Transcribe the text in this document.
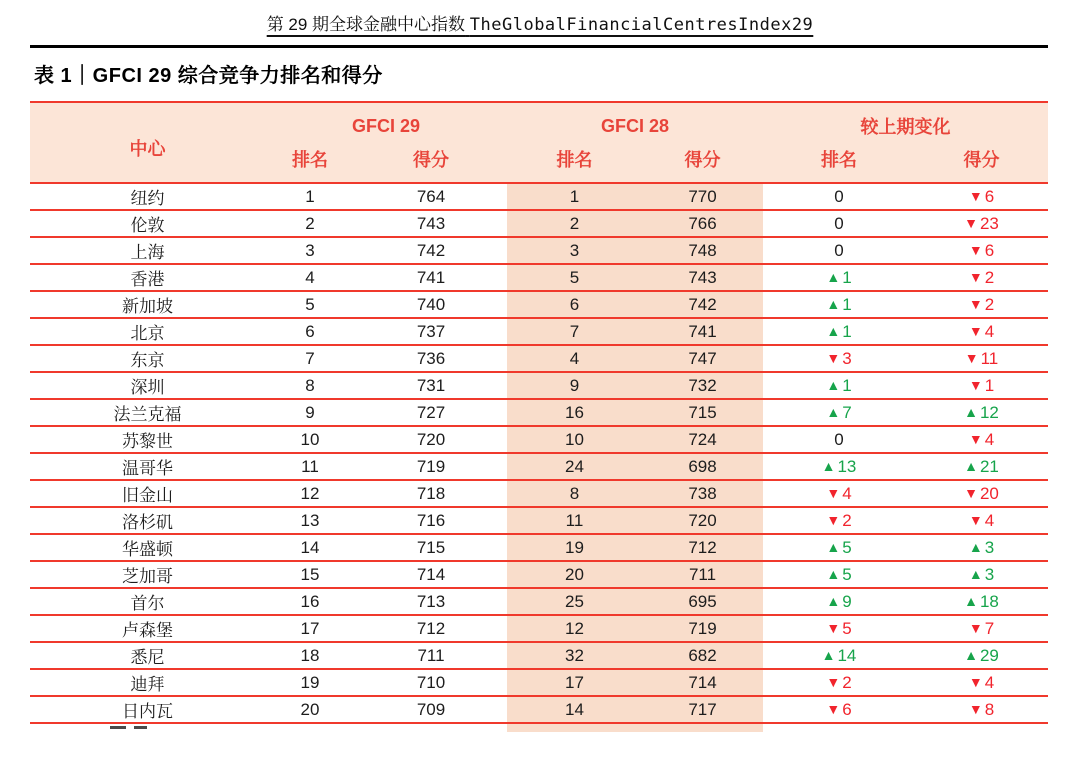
第 29 期全球金融中心指数 TheGlobalFinancialCentresIndex29
表 1｜GFCI 29 综合竞争力排名和得分
中心	GFCI 29		GFCI 28		较上期变化	
	排名	得分	排名	得分	排名	得分
纽约	1	764	1	770	0	▼ 6
伦敦	2	743	2	766	0	▼ 23
上海	3	742	3	748	0	▼ 6
香港	4	741	5	743	▲ 1	▼ 2
新加坡	5	740	6	742	▲ 1	▼ 2
北京	6	737	7	741	▲ 1	▼ 4
东京	7	736	4	747	▼ 3	▼ 11
深圳	8	731	9	732	▲ 1	▼ 1
法兰克福	9	727	16	715	▲ 7	▲ 12
苏黎世	10	720	10	724	0	▼ 4
温哥华	11	719	24	698	▲ 13	▲ 21
旧金山	12	718	8	738	▼ 4	▼ 20
洛杉矶	13	716	11	720	▼ 2	▼ 4
华盛顿	14	715	19	712	▲ 5	▲ 3
芝加哥	15	714	20	711	▲ 5	▲ 3
首尔	16	713	25	695	▲ 9	▲ 18
卢森堡	17	712	12	719	▼ 5	▼ 7
悉尼	18	711	32	682	▲ 14	▲ 29
迪拜	19	710	17	714	▼ 2	▼ 4
日内瓦	20	709	14	717	▼ 6	▼ 8
